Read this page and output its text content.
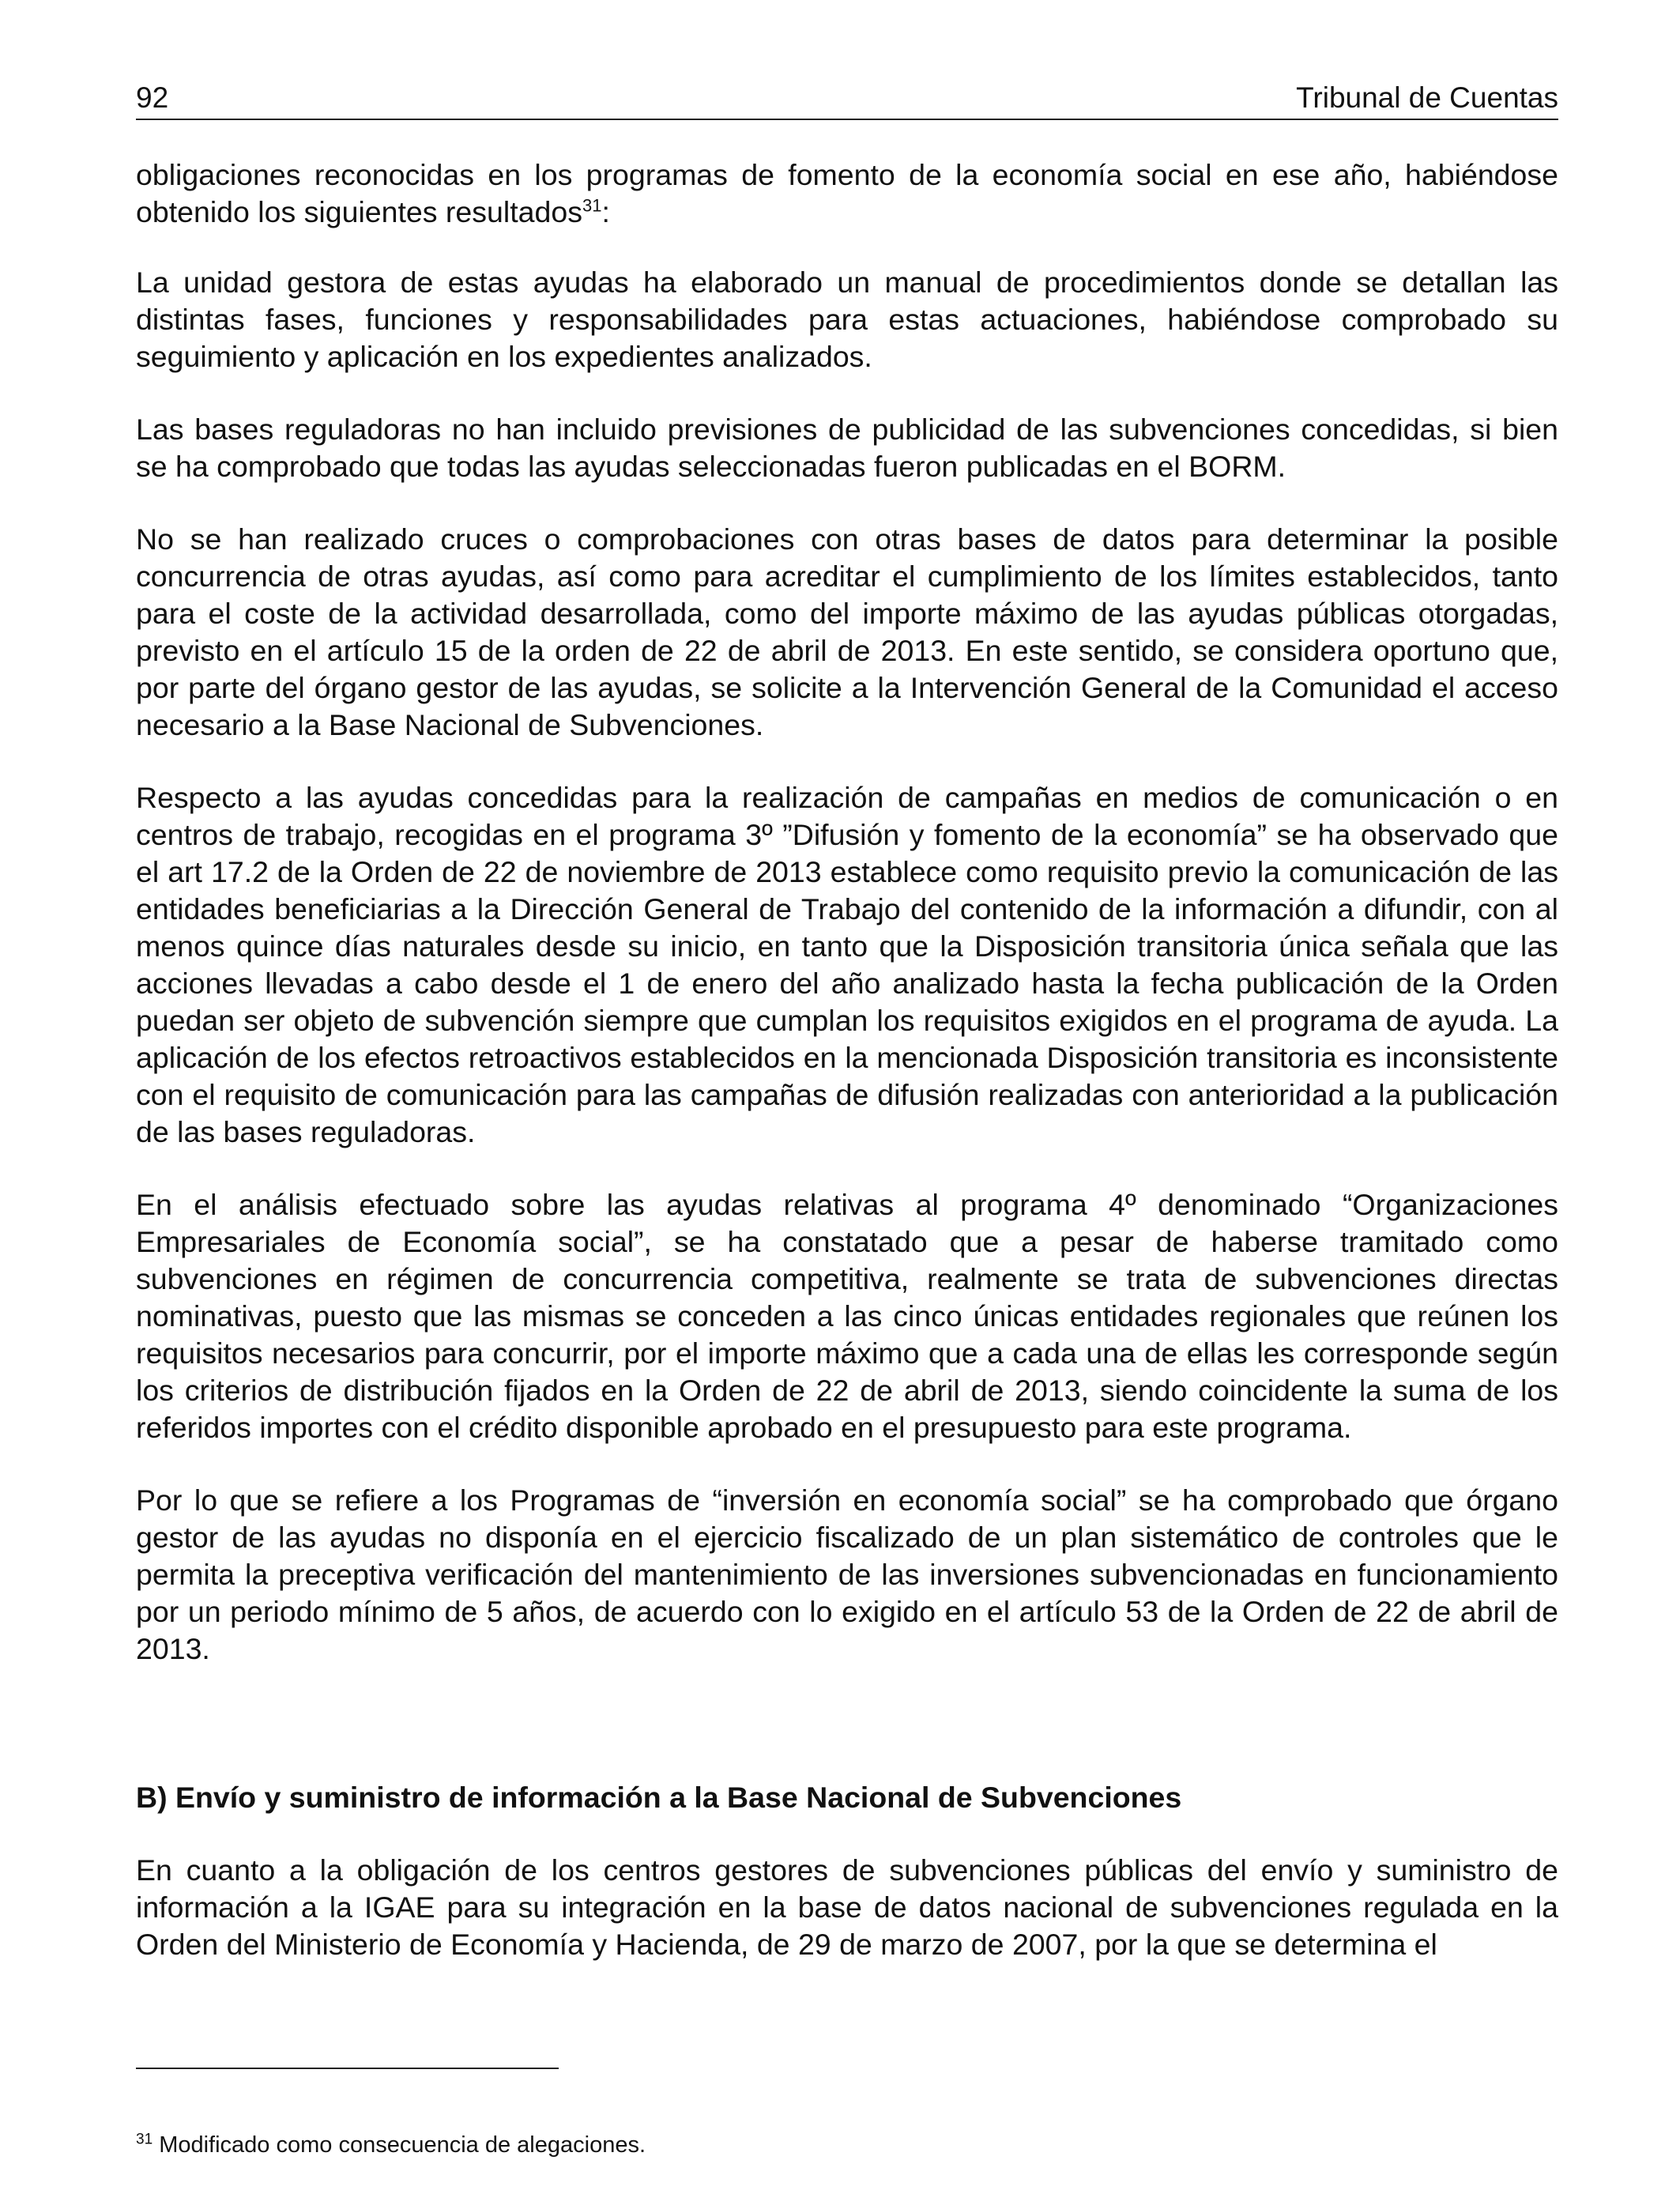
92	Tribunal de Cuentas

obligaciones reconocidas en los programas de fomento de la economía social en ese año, habiéndose obtenido los siguientes resultados$^{31}$:

La unidad gestora de estas ayudas ha elaborado un manual de procedimientos donde se detallan las distintas fases, funciones y responsabilidades para estas actuaciones, habiéndose comprobado su seguimiento y aplicación en los expedientes analizados.

Las bases reguladoras no han incluido previsiones de publicidad de las subvenciones concedidas, si bien se ha comprobado que todas las ayudas seleccionadas fueron publicadas en el BORM.

No se han realizado cruces o comprobaciones con otras bases de datos para determinar la posible concurrencia de otras ayudas, así como para acreditar el cumplimiento de los límites establecidos, tanto para el coste de la actividad desarrollada, como del importe máximo de las ayudas públicas otorgadas, previsto en el artículo 15 de la orden de 22 de abril de 2013. En este sentido, se considera oportuno que, por parte del órgano gestor de las ayudas, se solicite a la Intervención General de la Comunidad el acceso necesario a la Base Nacional de Subvenciones.

Respecto a las ayudas concedidas para la realización de campañas en medios de comunicación o en centros de trabajo, recogidas en el programa 3º ”Difusión y fomento de la economía” se ha observado que el art 17.2 de la Orden de 22 de noviembre de 2013 establece como requisito previo la comunicación de las entidades beneficiarias a la Dirección General de Trabajo del contenido de la información a difundir, con al menos quince días naturales desde su inicio, en tanto que la Disposición transitoria única señala que las acciones llevadas a cabo desde el 1 de enero del año analizado hasta la fecha publicación de la Orden puedan ser objeto de subvención siempre que cumplan los requisitos exigidos en el programa de ayuda. La aplicación de los efectos retroactivos establecidos en la mencionada Disposición transitoria es inconsistente con el requisito de comunicación para las campañas de difusión realizadas con anterioridad a la publicación de las bases reguladoras.

En el análisis efectuado sobre las ayudas relativas al programa 4º denominado “Organizaciones Empresariales de Economía social”, se ha constatado que a pesar de haberse tramitado como subvenciones en régimen de concurrencia competitiva, realmente se trata de subvenciones directas nominativas, puesto que las mismas se conceden a las cinco únicas entidades regionales que reúnen los requisitos necesarios para concurrir, por el importe máximo que a cada una de ellas les corresponde según los criterios de distribución fijados en la Orden de 22 de abril de 2013, siendo coincidente la suma de los referidos importes con el crédito disponible aprobado en el presupuesto para este programa.

Por lo que se refiere a los Programas de “inversión en economía social” se ha comprobado que órgano gestor de las ayudas no disponía en el ejercicio fiscalizado de un plan sistemático de controles que le permita la preceptiva verificación del mantenimiento de las inversiones subvencionadas en funcionamiento por un periodo mínimo de 5 años, de acuerdo con lo exigido en el artículo 53 de la Orden de 22 de abril de 2013.

B) Envío y suministro de información a la Base Nacional de Subvenciones

En cuanto a la obligación de los centros gestores de subvenciones públicas del envío y suministro de información a la IGAE para su integración en la base de datos nacional de subvenciones regulada en la Orden del Ministerio de Economía y Hacienda, de 29 de marzo de 2007, por la que se determina el

$^{31}$ Modificado como consecuencia de alegaciones.
